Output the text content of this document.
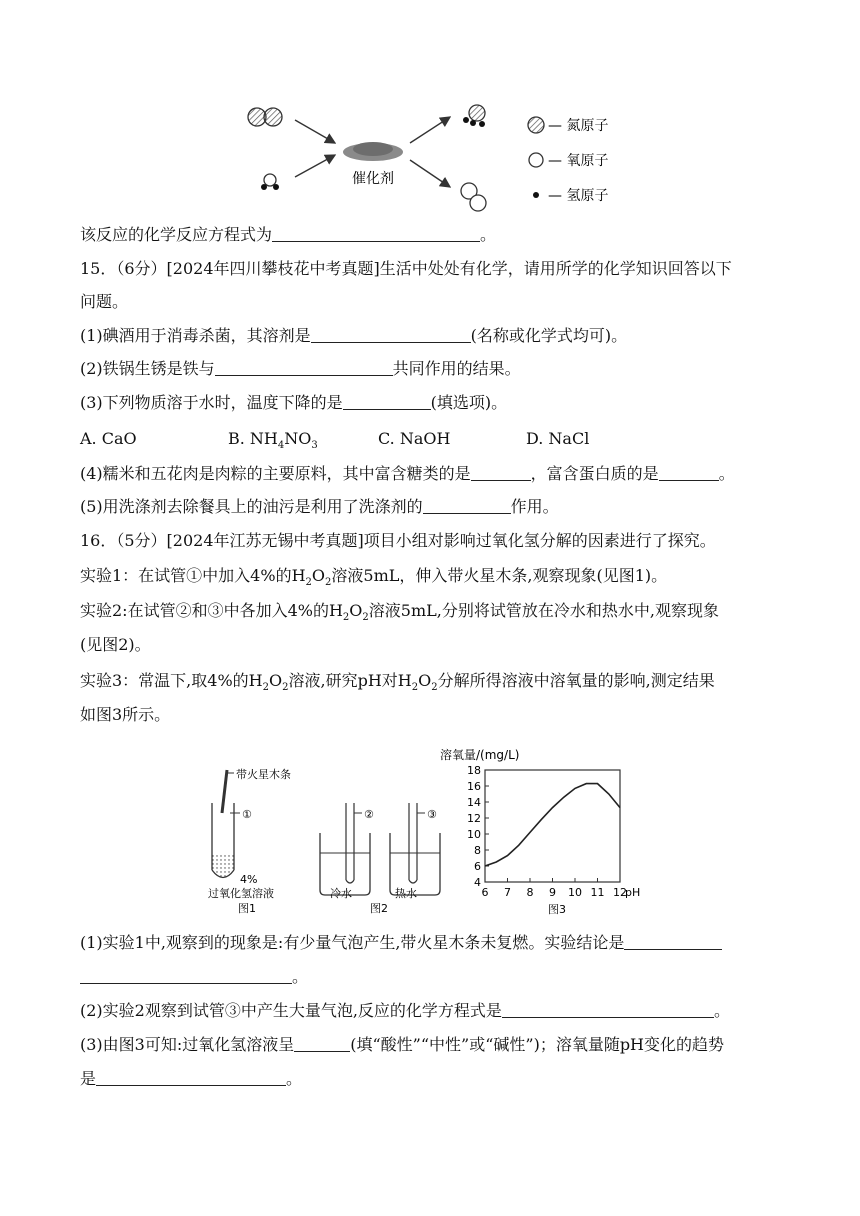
催化剂
— 氮原子
— 氧原子
— 氢原子
该反应的化学反应方程式为	。
15．（6分）[2024年四川攀枝花中考真题]生活中处处有化学，请用所学的化学知识回答以下
问题。
(1)碘酒用于消毒杀菌，其溶剂是	(名称或化学式均可)。
(2)铁锅生锈是铁与	共同作用的结果。
(3)下列物质溶于水时，温度下降的是	(填选项)。
A. CaO	B. $NH_4NO_3$	C. NaOH	D. NaCl
(4)糯米和五花肉是肉粽的主要原料，其中富含糖类的是	，富含蛋白质的是	。
(5)用洗涤剂去除餐具上的油污是利用了洗涤剂的	作用。
16．（5分）[2024年江苏无锡中考真题]项目小组对影响过氧化氢分解的因素进行了探究。
实验1：在试管①中加入4%的$H_2O_2$溶液5mL，伸入带火星木条,观察现象(见图1)。
实验2:在试管②和③中各加入4%的$H_2O_2$溶液5mL,分别将试管放在冷水和热水中,观察现象
(见图2)。
实验3：常温下,取4%的$H_2O_2$溶液,研究pH对$H_2O_2$分解所得溶液中溶氧量的影响,测定结果
如图3所示。
带火星木条
①
4%
过氧化氢溶液
图1
②
冷水
③
热水
图2
溶氧量/(mg/L)
pH
图3
4
6
8
10
12
14
16
18
6 7 8 9 10 11 12
(1)实验1中,观察到的现象是:有少量气泡产生,带火星木条未复燃。实验结论是
。
(2)实验2观察到试管③中产生大量气泡,反应的化学方程式是	。
(3)由图3可知:过氧化氢溶液呈	(填“酸性”“中性”或“碱性”)；溶氧量随pH变化的趋势
是	。
